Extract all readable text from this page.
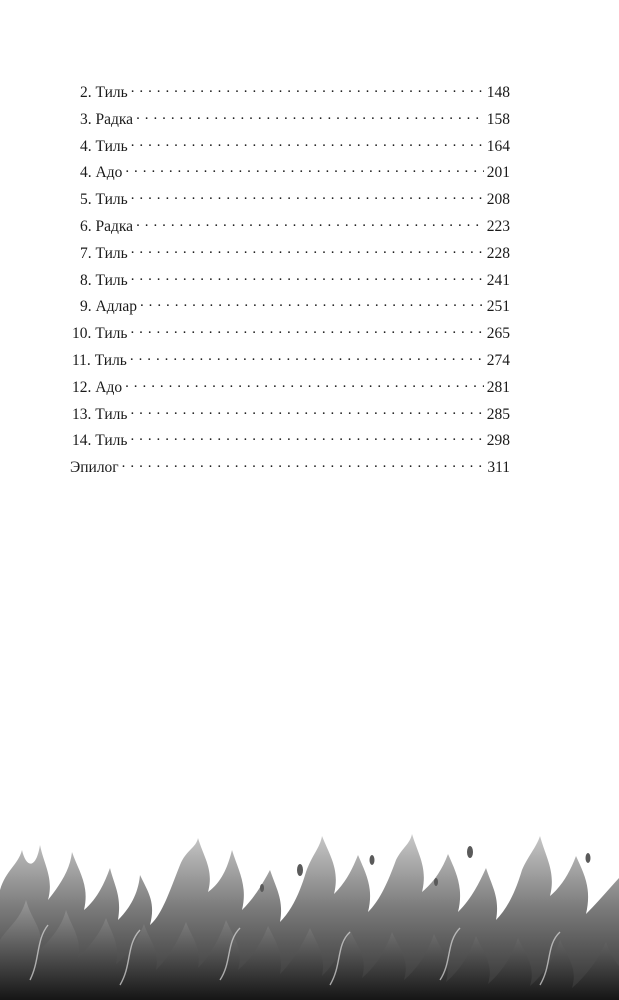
2. Тиль . . .	148
3. Радка . . .	158
4. Тиль . . .	164
4. Адо . . .	201
5. Тиль . . .	208
6. Радка . . .	223
7. Тиль . . .	228
8. Тиль . . .	241
9. Адлар . . .	251
10. Тиль . . .	265
11. Тиль . . .	274
12. Адо . . .	281
13. Тиль . . .	285
14. Тиль . . .	298
Эпилог . . .	311
